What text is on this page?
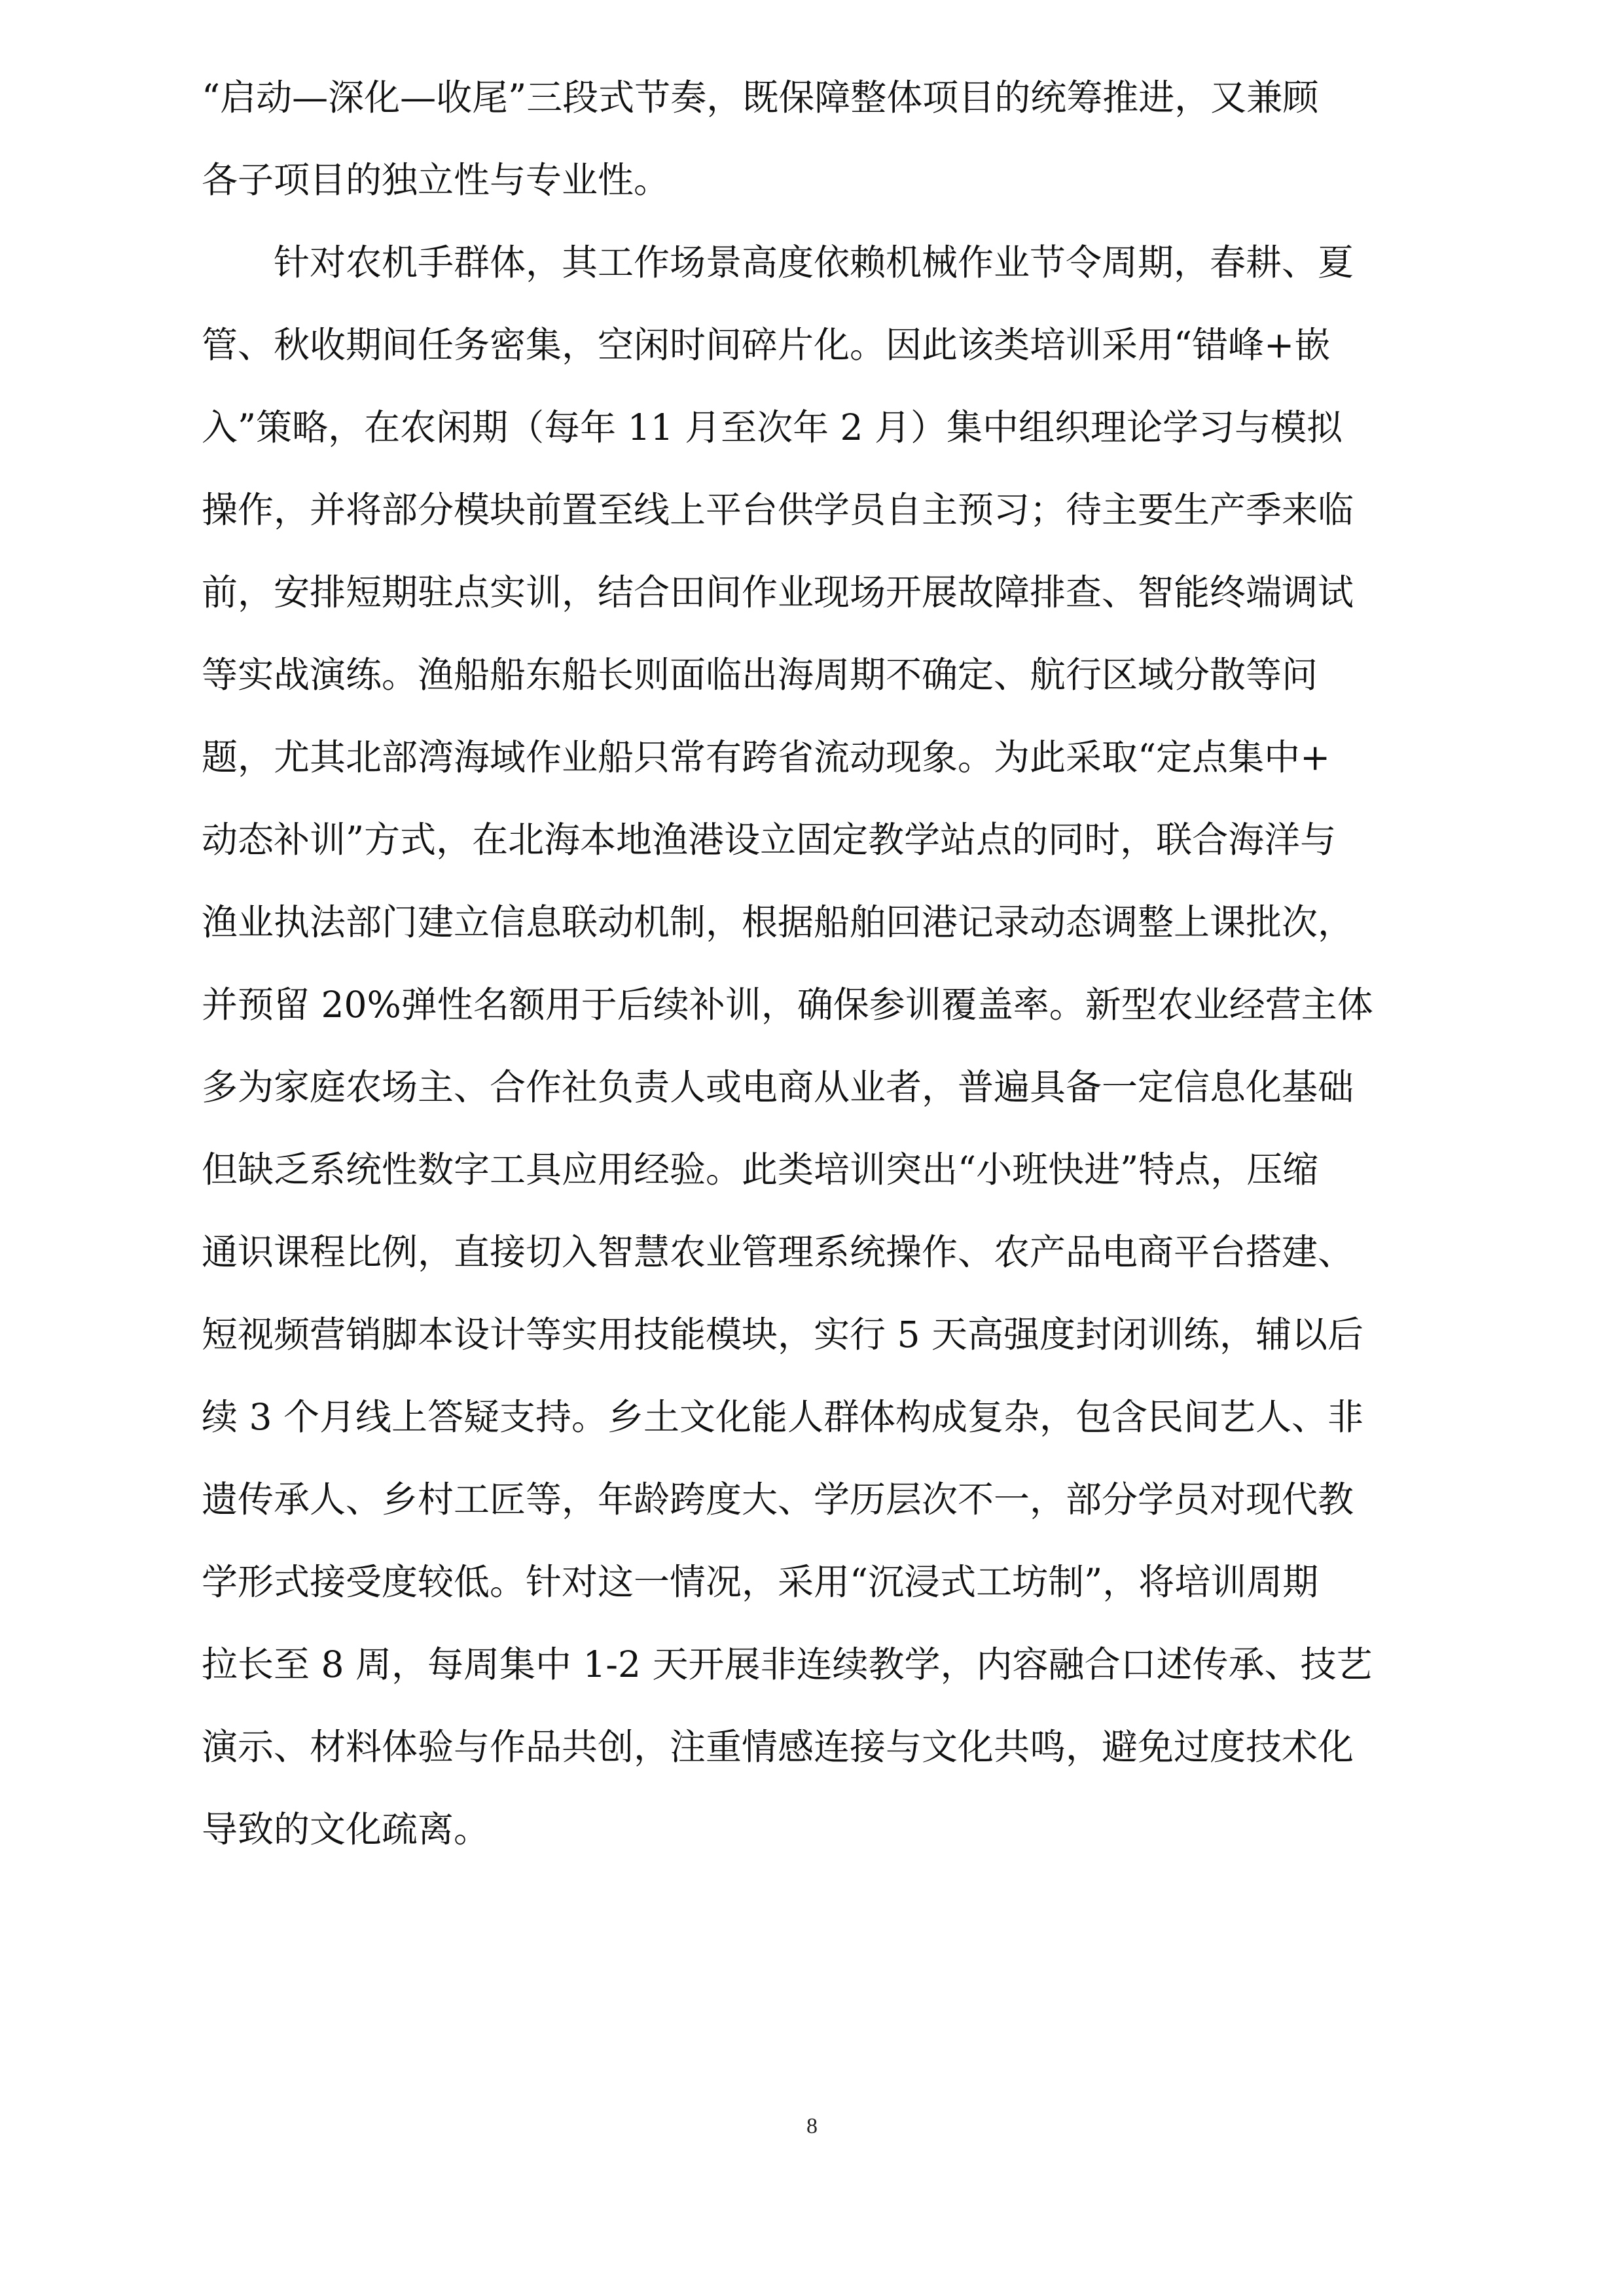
“启动—深化—收尾”三段式节奏，既保障整体项目的统筹推进，又兼顾
各子项目的独立性与专业性。
针对农机手群体，其工作场景高度依赖机械作业节令周期，春耕、夏
管、秋收期间任务密集，空闲时间碎片化。因此该类培训采用“错峰+嵌
入”策略，在农闲期（每年 11 月至次年 2 月）集中组织理论学习与模拟
操作，并将部分模块前置至线上平台供学员自主预习；待主要生产季来临
前，安排短期驻点实训，结合田间作业现场开展故障排查、智能终端调试
等实战演练。渔船船东船长则面临出海周期不确定、航行区域分散等问
题，尤其北部湾海域作业船只常有跨省流动现象。为此采取“定点集中+
动态补训”方式，在北海本地渔港设立固定教学站点的同时，联合海洋与
渔业执法部门建立信息联动机制，根据船舶回港记录动态调整上课批次，
并预留 20%弹性名额用于后续补训，确保参训覆盖率。新型农业经营主体
多为家庭农场主、合作社负责人或电商从业者，普遍具备一定信息化基础
但缺乏系统性数字工具应用经验。此类培训突出“小班快进”特点，压缩
通识课程比例，直接切入智慧农业管理系统操作、农产品电商平台搭建、
短视频营销脚本设计等实用技能模块，实行 5 天高强度封闭训练，辅以后
续 3 个月线上答疑支持。乡土文化能人群体构成复杂，包含民间艺人、非
遗传承人、乡村工匠等，年龄跨度大、学历层次不一，部分学员对现代教
学形式接受度较低。针对这一情况，采用“沉浸式工坊制”，将培训周期
拉长至 8 周，每周集中 1-2 天开展非连续教学，内容融合口述传承、技艺
演示、材料体验与作品共创，注重情感连接与文化共鸣，避免过度技术化
导致的文化疏离。
8
